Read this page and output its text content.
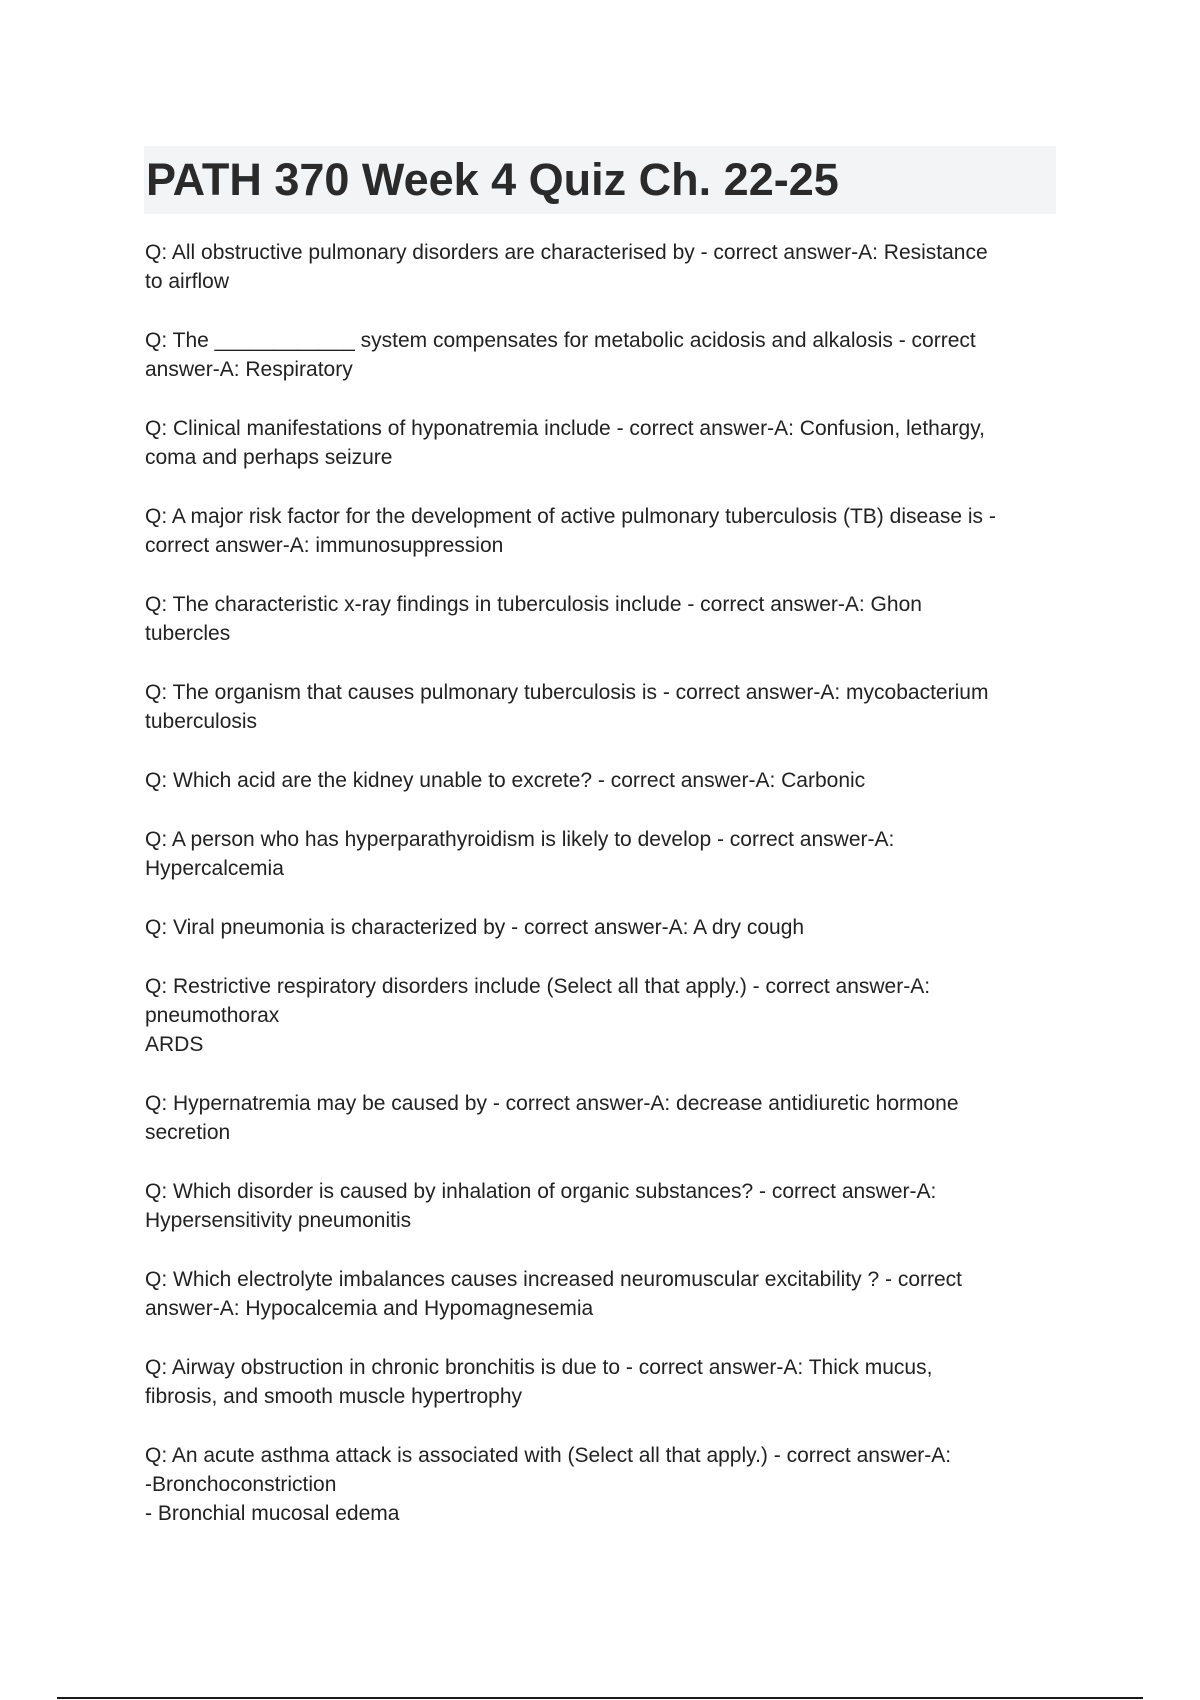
PATH 370 Week 4 Quiz Ch. 22-25
Q: All obstructive pulmonary disorders are characterised by - correct answer-A: Resistance
to airflow
Q: The ____________ system compensates for metabolic acidosis and alkalosis - correct
answer-A: Respiratory
Q: Clinical manifestations of hyponatremia include - correct answer-A: Confusion, lethargy,
coma and perhaps seizure
Q: A major risk factor for the development of active pulmonary tuberculosis (TB) disease is -
correct answer-A: immunosuppression
Q: The characteristic x-ray findings in tuberculosis include - correct answer-A: Ghon
tubercles
Q: The organism that causes pulmonary tuberculosis is - correct answer-A: mycobacterium
tuberculosis
Q: Which acid are the kidney unable to excrete? - correct answer-A: Carbonic
Q: A person who has hyperparathyroidism is likely to develop - correct answer-A:
Hypercalcemia
Q: Viral pneumonia is characterized by - correct answer-A: A dry cough
Q: Restrictive respiratory disorders include (Select all that apply.) - correct answer-A:
pneumothorax
ARDS
Q: Hypernatremia may be caused by - correct answer-A: decrease antidiuretic hormone
secretion
Q: Which disorder is caused by inhalation of organic substances? - correct answer-A:
Hypersensitivity pneumonitis
Q: Which electrolyte imbalances causes increased neuromuscular excitability ? - correct
answer-A: Hypocalcemia and Hypomagnesemia
Q: Airway obstruction in chronic bronchitis is due to - correct answer-A: Thick mucus,
fibrosis, and smooth muscle hypertrophy
Q: An acute asthma attack is associated with (Select all that apply.) - correct answer-A:
-Bronchoconstriction
- Bronchial mucosal edema
